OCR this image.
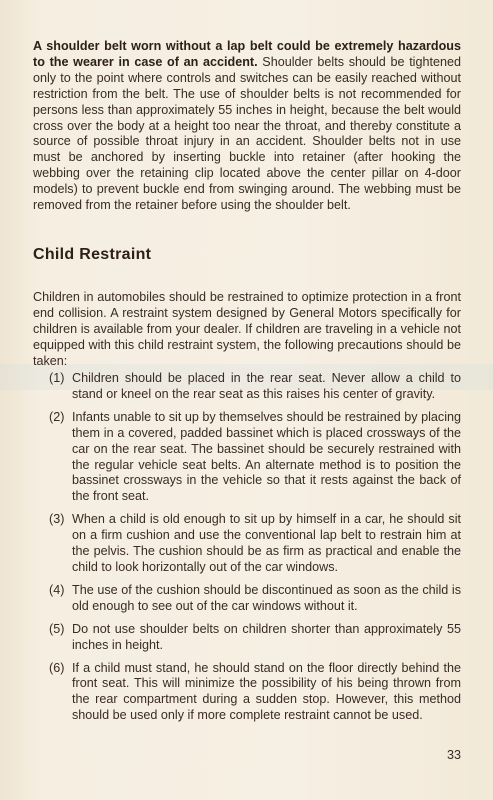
A shoulder belt worn without a lap belt could be extremely hazardous to the wearer in case of an accident. Shoulder belts should be tightened only to the point where controls and switches can be easily reached without restriction from the belt. The use of shoulder belts is not recommended for persons less than approximately 55 inches in height, because the belt would cross over the body at a height too near the throat, and thereby constitute a source of possible throat injury in an accident. Shoulder belts not in use must be anchored by inserting buckle into retainer (after hooking the webbing over the retaining clip located above the center pillar on 4-door models) to prevent buckle end from swinging around. The webbing must be removed from the retainer before using the shoulder belt.

Child Restraint

Children in automobiles should be restrained to optimize protection in a front end collision. A restraint system designed by General Motors specifically for children is available from your dealer. If children are traveling in a vehicle not equipped with this child restraint system, the following precautions should be taken:

(1) Children should be placed in the rear seat. Never allow a child to stand or kneel on the rear seat as this raises his center of gravity.
(2) Infants unable to sit up by themselves should be restrained by placing them in a covered, padded bassinet which is placed crossways of the car on the rear seat. The bassinet should be securely restrained with the regular vehicle seat belts. An alternate method is to position the bassinet crossways in the vehicle so that it rests against the back of the front seat.
(3) When a child is old enough to sit up by himself in a car, he should sit on a firm cushion and use the conventional lap belt to restrain him at the pelvis. The cushion should be as firm as practical and enable the child to look horizontally out of the car windows.
(4) The use of the cushion should be discontinued as soon as the child is old enough to see out of the car windows without it.
(5) Do not use shoulder belts on children shorter than approximately 55 inches in height.
(6) If a child must stand, he should stand on the floor directly behind the front seat. This will minimize the possibility of his being thrown from the rear compartment during a sudden stop. However, this method should be used only if more complete restraint cannot be used.
33
